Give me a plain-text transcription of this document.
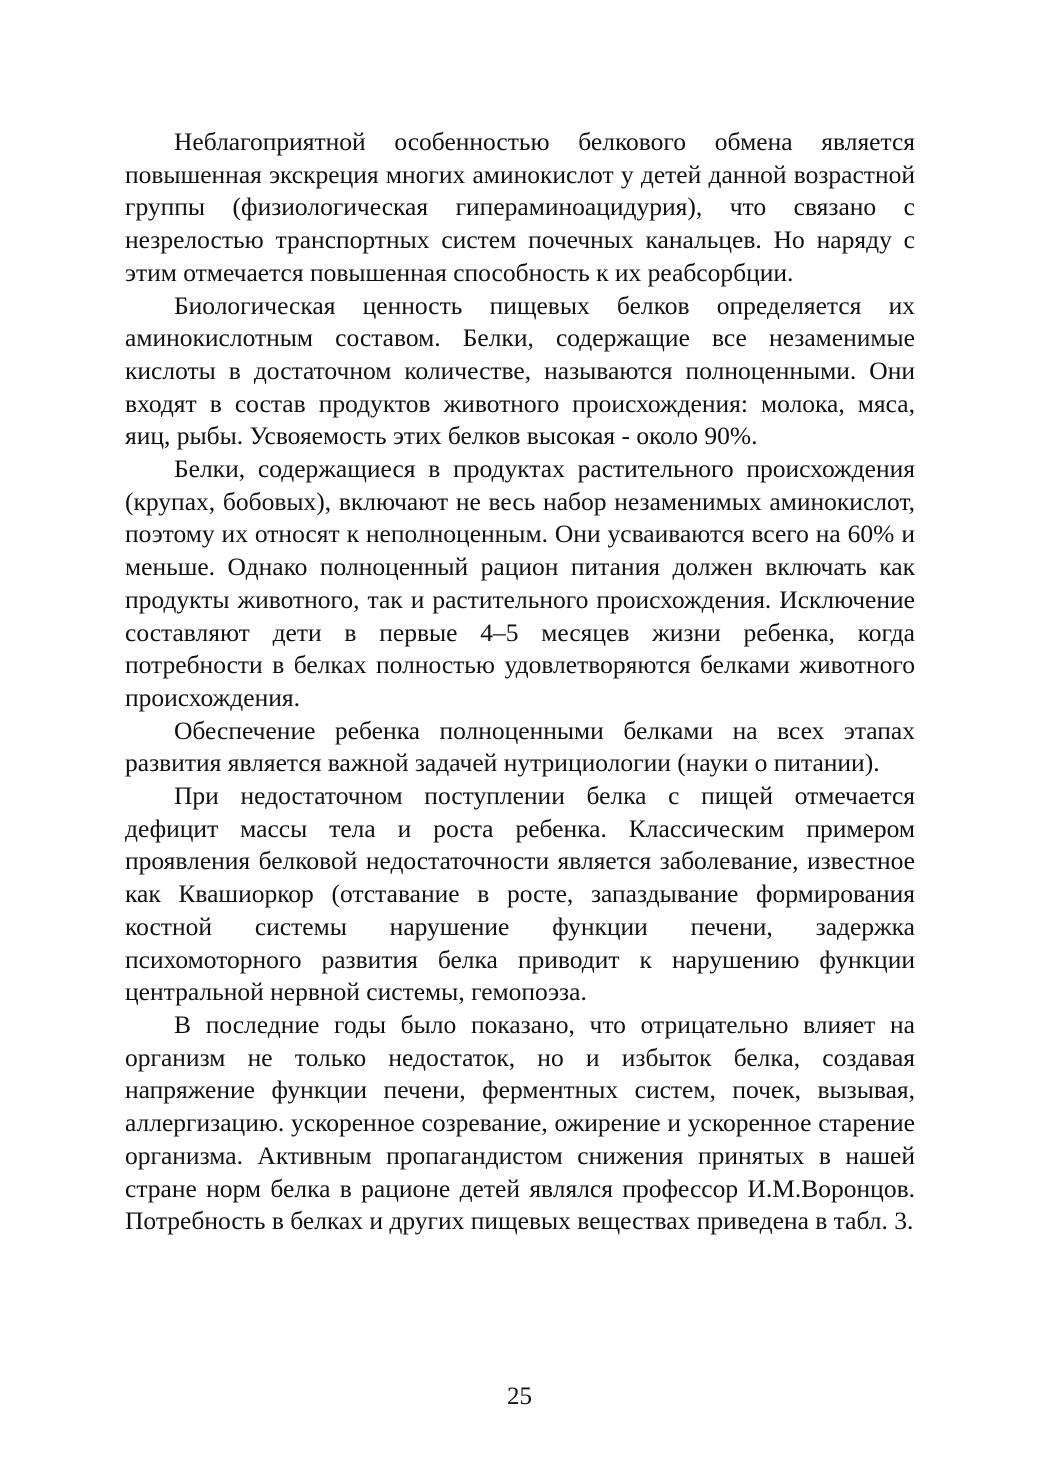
Неблагоприятной особенностью белкового обмена является повышенная экскреция многих аминокислот у детей данной возрастной группы (физиологическая гипераминоацидурия), что связано с незрелостью транспортных систем почечных канальцев. Но наряду с этим отмечается повышенная способность к их реабсорбции.

Биологическая ценность пищевых белков определяется их аминокислотным составом. Белки, содержащие все незаменимые кислоты в достаточном количестве, называются полноценными. Они входят в состав продуктов животного происхождения: молока, мяса, яиц, рыбы. Усвояемость этих белков высокая - около 90%.

Белки, содержащиеся в продуктах растительного происхождения (крупах, бобовых), включают не весь набор незаменимых аминокислот, поэтому их относят к неполноценным. Они усваиваются всего на 60% и меньше. Однако полноценный рацион питания должен включать как продукты животного, так и растительного происхождения. Исключение составляют дети в первые 4–5 месяцев жизни ребенка, когда потребности в белках полностью удовлетворяются белками животного происхождения.

Обеспечение ребенка полноценными белками на всех этапах развития является важной задачей нутрициологии (науки о питании).

При недостаточном поступлении белка с пищей отмечается дефицит массы тела и роста ребенка. Классическим примером проявления белковой недостаточности является заболевание, известное как Квашиоркор (отставание в росте, запаздывание формирования костной системы нарушение функции печени, задержка психомоторного развития белка приводит к нарушению функции центральной нервной системы, гемопоэза.

В последние годы было показано, что отрицательно влияет на организм не только недостаток, но и избыток белка, создавая напряжение функции печени, ферментных систем, почек, вызывая, аллергизацию. ускоренное созревание, ожирение и ускоренное старение организма. Активным пропагандистом снижения принятых в нашей стране норм белка в рационе детей являлся профессор И.М.Воронцов. Потребность в белках и других пищевых веществах приведена в табл. 3.

25
